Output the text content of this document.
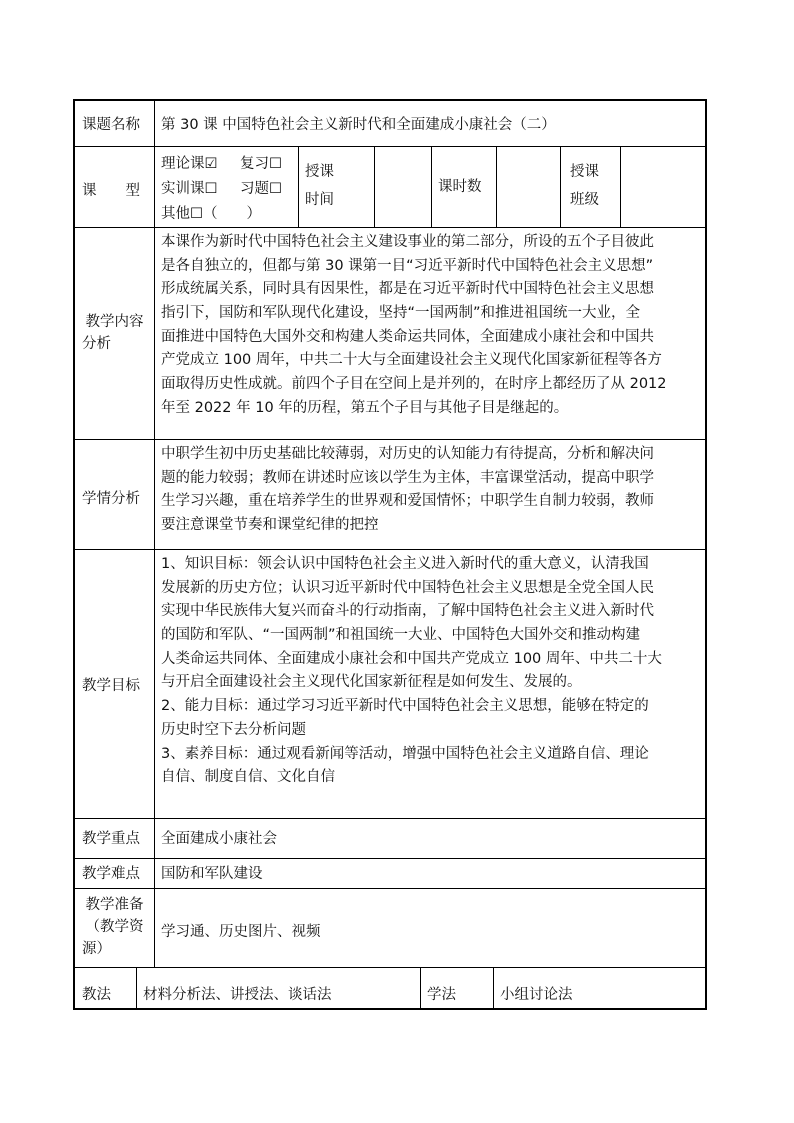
课题名称 第 30 课 中国特色社会主义新时代和全面建成小康社会（二）
课　　型
理论课☑ 复习☐
实训课☐ 习题☐
其他☐（　　）
授课
时间
课时数
授课
班级
教学内容
分析
本课作为新时代中国特色社会主义建设事业的第二部分，所设的五个子目彼此
是各自独立的，但都与第 30 课第一目“习近平新时代中国特色社会主义思想”
形成统属关系，同时具有因果性，都是在习近平新时代中国特色社会主义思想
指引下，国防和军队现代化建设，坚持“一国两制”和推进祖国统一大业，全
面推进中国特色大国外交和构建人类命运共同体，全面建成小康社会和中国共
产党成立 100 周年，中共二十大与全面建设社会主义现代化国家新征程等各方
面取得历史性成就。前四个子目在空间上是并列的，在时序上都经历了从 2012
年至 2022 年 10 年的历程，第五个子目与其他子目是继起的。
学情分析
中职学生初中历史基础比较薄弱，对历史的认知能力有待提高，分析和解决问
题的能力较弱；教师在讲述时应该以学生为主体，丰富课堂活动，提高中职学
生学习兴趣，重在培养学生的世界观和爱国情怀；中职学生自制力较弱，教师
要注意课堂节奏和课堂纪律的把控
教学目标
1、知识目标：领会认识中国特色社会主义进入新时代的重大意义，认清我国
发展新的历史方位；认识习近平新时代中国特色社会主义思想是全党全国人民
实现中华民族伟大复兴而奋斗的行动指南，了解中国特色社会主义进入新时代
的国防和军队、“一国两制”和祖国统一大业、中国特色大国外交和推动构建
人类命运共同体、全面建成小康社会和中国共产党成立 100 周年、中共二十大
与开启全面建设社会主义现代化国家新征程是如何发生、发展的。
2、能力目标：通过学习习近平新时代中国特色社会主义思想，能够在特定的
历史时空下去分析问题
3、素养目标：通过观看新闻等活动，增强中国特色社会主义道路自信、理论
自信、制度自信、文化自信
教学重点 全面建成小康社会
教学难点 国防和军队建设
教学准备
（教学资
源）
学习通、历史图片、视频
教法 材料分析法、讲授法、谈话法	学法	小组讨论法
